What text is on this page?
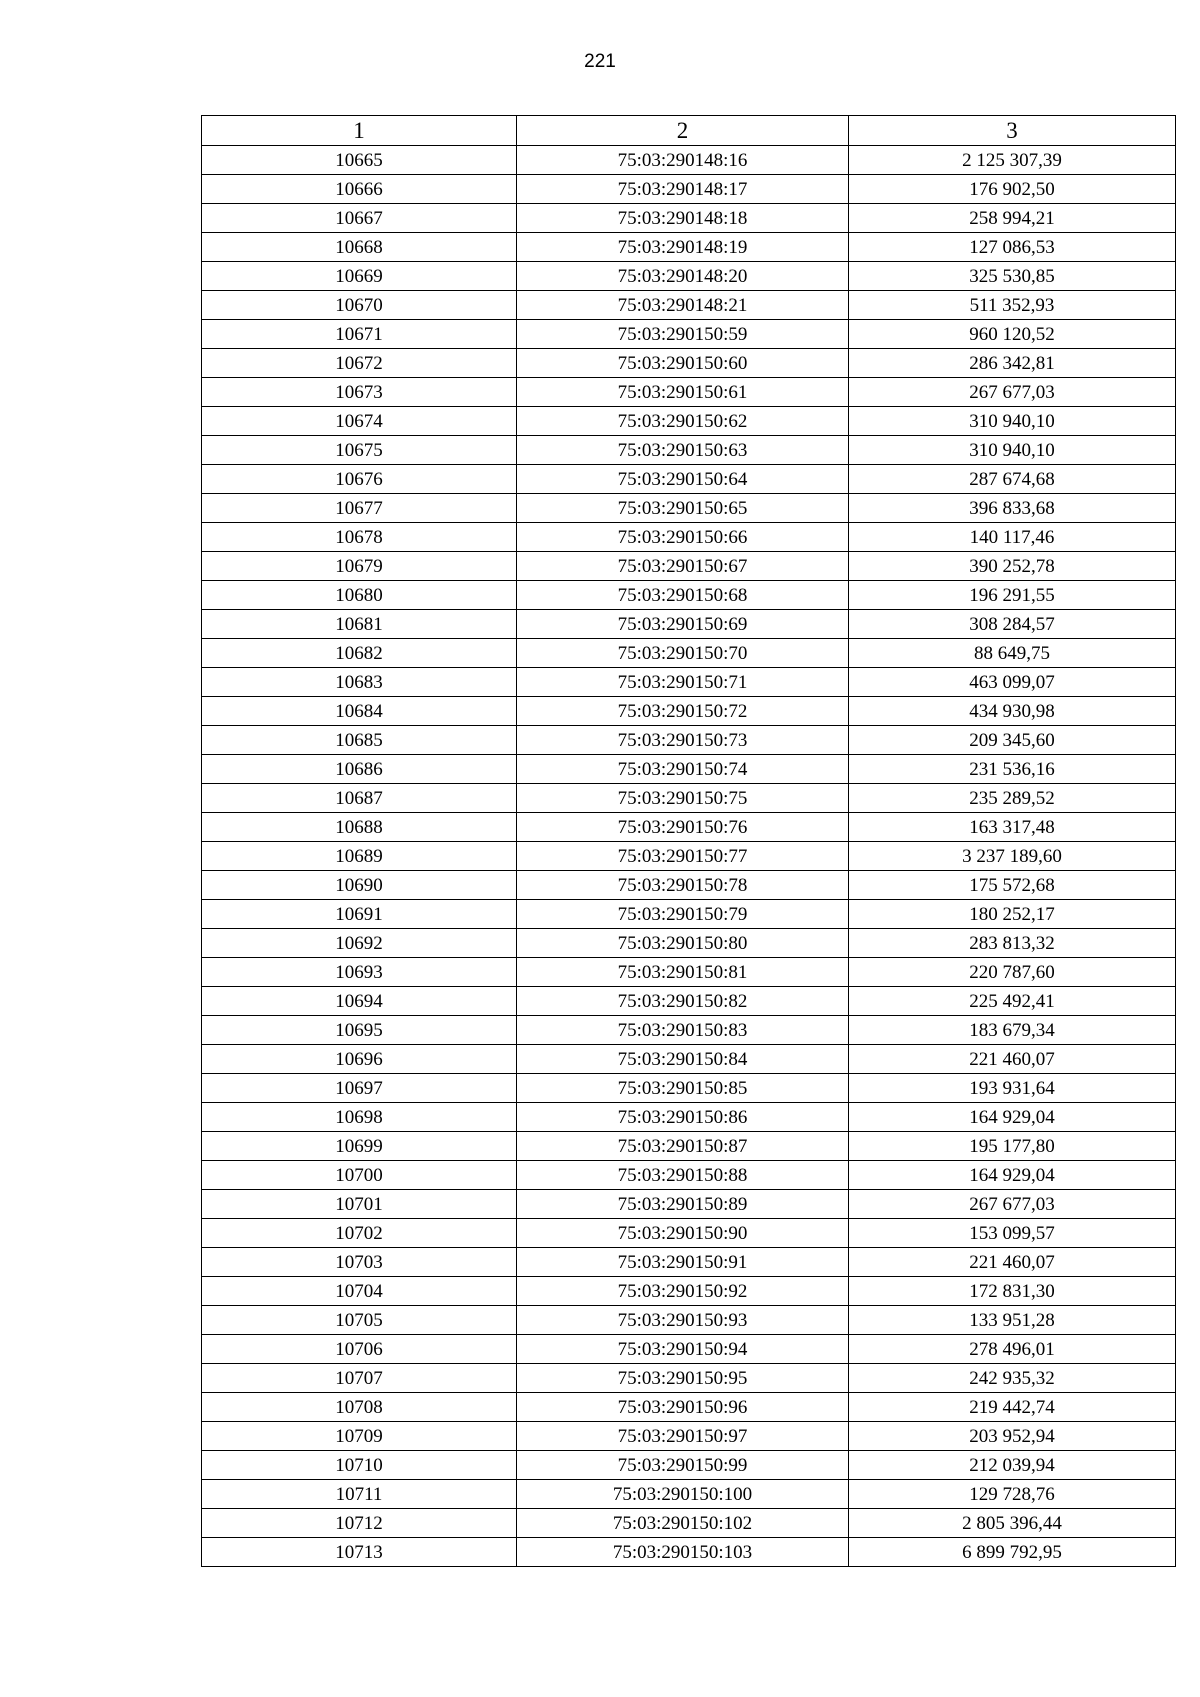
221
1	2	3
10665	75:03:290148:16	2 125 307,39
10666	75:03:290148:17	176 902,50
10667	75:03:290148:18	258 994,21
10668	75:03:290148:19	127 086,53
10669	75:03:290148:20	325 530,85
10670	75:03:290148:21	511 352,93
10671	75:03:290150:59	960 120,52
10672	75:03:290150:60	286 342,81
10673	75:03:290150:61	267 677,03
10674	75:03:290150:62	310 940,10
10675	75:03:290150:63	310 940,10
10676	75:03:290150:64	287 674,68
10677	75:03:290150:65	396 833,68
10678	75:03:290150:66	140 117,46
10679	75:03:290150:67	390 252,78
10680	75:03:290150:68	196 291,55
10681	75:03:290150:69	308 284,57
10682	75:03:290150:70	88 649,75
10683	75:03:290150:71	463 099,07
10684	75:03:290150:72	434 930,98
10685	75:03:290150:73	209 345,60
10686	75:03:290150:74	231 536,16
10687	75:03:290150:75	235 289,52
10688	75:03:290150:76	163 317,48
10689	75:03:290150:77	3 237 189,60
10690	75:03:290150:78	175 572,68
10691	75:03:290150:79	180 252,17
10692	75:03:290150:80	283 813,32
10693	75:03:290150:81	220 787,60
10694	75:03:290150:82	225 492,41
10695	75:03:290150:83	183 679,34
10696	75:03:290150:84	221 460,07
10697	75:03:290150:85	193 931,64
10698	75:03:290150:86	164 929,04
10699	75:03:290150:87	195 177,80
10700	75:03:290150:88	164 929,04
10701	75:03:290150:89	267 677,03
10702	75:03:290150:90	153 099,57
10703	75:03:290150:91	221 460,07
10704	75:03:290150:92	172 831,30
10705	75:03:290150:93	133 951,28
10706	75:03:290150:94	278 496,01
10707	75:03:290150:95	242 935,32
10708	75:03:290150:96	219 442,74
10709	75:03:290150:97	203 952,94
10710	75:03:290150:99	212 039,94
10711	75:03:290150:100	129 728,76
10712	75:03:290150:102	2 805 396,44
10713	75:03:290150:103	6 899 792,95
